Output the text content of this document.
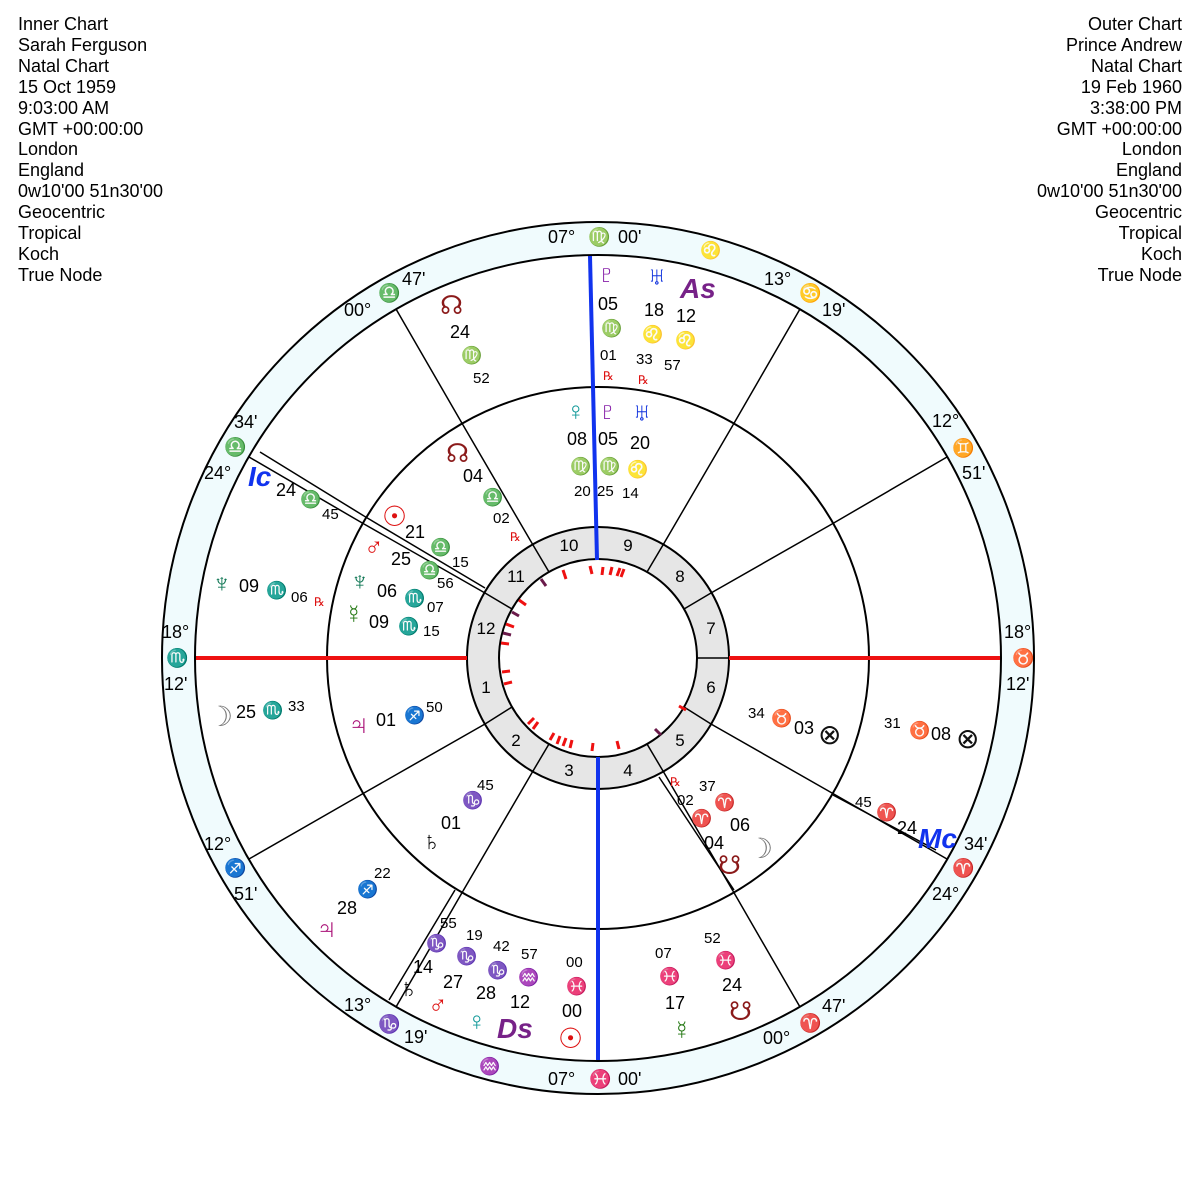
Inner Chart
Sarah Ferguson
Natal Chart
15 Oct 1959
9:03:00 AM
GMT +00:00:00
London
England
0w10'00 51n30'00
Geocentric
Tropical
Koch
True Node
Outer Chart
Prince Andrew
Natal Chart
19 Feb 1960
3:38:00 PM
GMT +00:00:00
London
England
0w10'00 51n30'00
Geocentric
Tropical
Koch
True Node
1
2
3	4
5
6
7
8
9
10
11
12
07° ♍ 00'
♌
13°
♋
19'
12°
♊
51'
18°
♉
12'
34'
♈
24°
47'
♈
00°
07° ♓ 00'
♒
13°
♑
19'
12°
♐
51'
18°
♏
12'
34'
♎
24°
00°
♎
47'	♇
05
♍
01
℞
♅
18
♌
33
℞
As
12
♌
57
☊
24
♍
52
Ic 24 ♎
45
♆ 09 ♏ 06 ℞
☽ 25 ♏ 33
♃
28
♐
22
♄
14
♑
55
♂
27
♑
19
♀
28
♑
42
Ds
12
♒
57
☉
00
♓
00
☿
17
♓
07
☋
24
♓
52
Mc
24
♈
45
⊗
08
♉
31
♀
08
♍
20
♇
05
♍
25
♅
20
♌
14
☊
04
♎
02
℞
☉
21
♎
15
♂ 25
♎
56
♆ 06 ♏ 07
☿ 09 ♏ 15
♃ 01 ♐ 50
♄
01
♑
45
☋
04
♈
02
℞
☽
06
♈
37
⊗
03
♉
34
